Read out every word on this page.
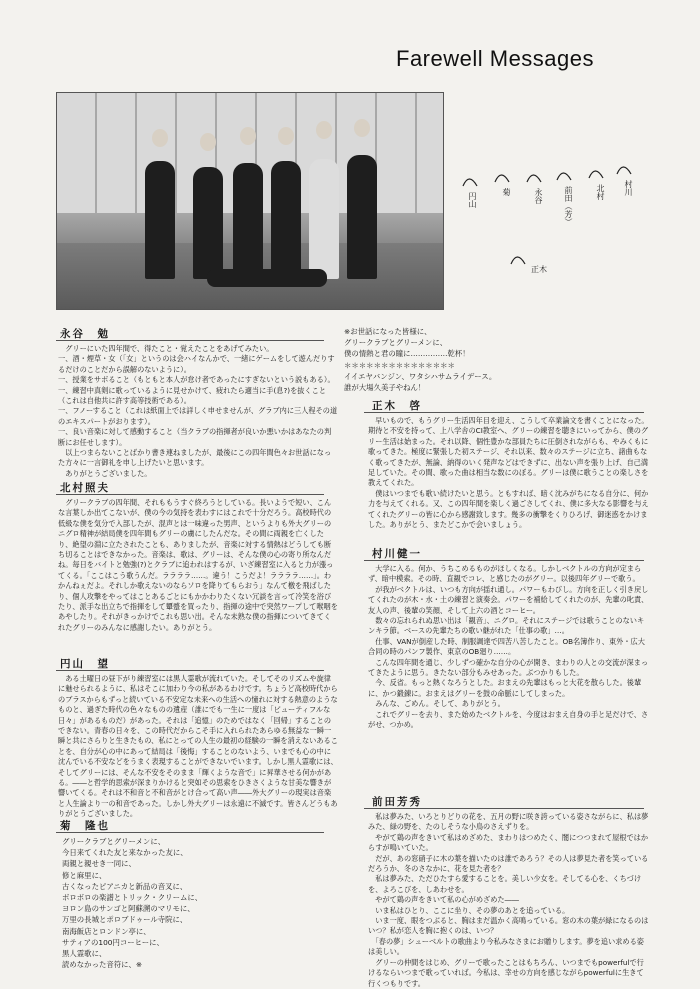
Farewell Messages
円山	菊	永谷	前田（芳）	北村 村川
正木
永谷　勉
　グリーにいた四年間で、得たこと・覚えたことをあげてみたい。
一、酒・煙草・女（「女」というのは会ハイなんかで、一緒にゲームをして遊んだりするだけのことだから誤解のないように）。
一、授業をサボること（もともと本人が怠け者であったにすぎないという説もある）。
一、練習中真剣に歌っているように見せかけて、疲れたら適当に手(息?)を抜くこと（これは自他共に許す高等技術である）。
一、フノーすること（これは紙面上では詳しく申せませんが、グラブ内に三人程その道のエキスパートがおります）。
一、良い音楽に対して感動すること（当クラブの指揮者が良いか悪いかはあなたの判断にお任せします）。
　以上つまらないことばかり書き連ねましたが、最後にこの四年間色々お世話になった方々に一言御礼を申し上げたいと思います。
　ありがとうございました。
北村照夫
　グリークラブの四年間、それももうすぐ終ろうとしている。長いようで短い、こんな言葉しか出てこないが、僕の今の気持を表わすにはこれで十分だろう。高校時代の低級な僕を気分で入部したが、混声とは一味違った男声、というよりも外大グリーのニグロ精神が結局僕を四年間もグリーの虜にしたんだな。その間に両親を亡くしたり、絶望の淵に立たされたことも、ありましたが、音楽に対する情熱はどうしても断ち切ることはできなかった。音楽は、歌は、グリーは、そんな僕の心の寄り所なんだね。毎日をバイトと勉強(?)とクラブに追われはするが、いざ練習室に入ると力が漲ってくる。「ここはこう歌うんだ。ララララ……。違う！こうだよ！ララララ……」。わかんねぇだよ。それしか歌えないのならソロを降りてもらおう」なんて檄を飛ばしたり、個人攻撃をやってはことあるごとにもかかわりたくない冗談を言って冷笑を浴びたり、派手な出立ちで指揮をして顰蹙を買ったり、指揮の途中で突然ワープして喉咽をあやしたり。それがきっかけでこれも思い出。そんな未熟な僕の指揮についてきてくれたグリーのみんなに感謝したい。ありがとう。
円山　望
　ある土曜日の昼下がり練習室には黒人霊歌が流れていた。そしてそのリズムや旋律に魅せられるように、私はそこに加わり今の私があるわけです。ちょうど高校時代からのブラスからもずっと続いている不安定な未来への生活への憧れに対する熱意のようなものと、過ぎた時代の色々なものの遺産（誰にでも一生に一度は「ビューティフルな日々」があるものだ）があった。それは「追憶」のためではなく「回帰」することのできない。青春の日々を、この時代だからこそ手に入れられたあらゆる無益な一瞬一瞬と共にさらりと生きたもの、私にとっての人生の最初の経験の一瞬を消えないあることを、自分が心の中にあって結局は「後悔」することのないよう、いまでも心の中に沈んでいる不安などをうまく表現することができないでいます。しかし黒人霊歌には、そしてグリーには、そんな不安をそのまま「輝くような音で」に昇華させる何かがある。――と哲学的思索が深まりかけると突如その思索をひきさくような甘美な響きが響いてくる。それは不和音と不和音がとけ合って高い声――外大グリーの現実は音楽と人生論より一の和音であった。しかし外大グリーは永遠に不滅です。皆さんどうもありがとうございました。
菊　隆也
グリークラブとグリーメンに、
今日来てくれた友と来なかった友に、
両親と親せき一同に、
修と麻里に、
古くなったピアニカと新品の音叉に、
ボロボロの楽譜とトリック・クリームに、
ヨロン島のサンゴと阿蘇溯のマリモに、
万里の長城とポロブドゥール寺院に、
南海飯店とロンドン亭に、
サティアの100円コーヒーに、
黒人霊歌に、
読めなかった音符に、※
※お世話になった皆様に、
グリークラブとグリーメンに、
僕の情熱と君の瞳に……………乾杯！
＊＊＊＊＊＊＊＊＊＊＊＊＊＊＊
イイエヤバンジン、ワタシハサムライデース。
誰が大場久美子やねん！
正木　啓
　早いもので、もうグリー生活四年目を迎え、こうして卒業論文を書くことになった。期待と不安を持って、上八学舎のCI教室へ、グリーの練習を聴きにいってから、僕のグリー生活は始まった。それ以降、個性豊かな部員たちに圧倒されながらも、やみくもに歌ってきた。極度に緊張した初ステージ、それ以来、数々のステージに立ち、諸曲もなく歌ってきたが、無論、納得のいく発声などはできずに、出ない声を張り上げ、自己満足していた。その間、歌った曲は相当な数にのぼる。グリーは僕に歌うことの楽しさを教えてくれた。
　僕はいつまでも歌い続けたいと思う。ともすれば、暗く沈みがちになる自分に、何か力を与えてくれる。又、この四年間を楽しく過ごさしてくれ、僕に多大なる影響を与えてくれたグリーの皆に心から感謝致します。幾多の衝撃をくりひろげ、御迷惑をかけました。ありがとう、またどこかで会いましょう。
村川健一
　大学に入る。何か、うちこめるものがほしくなる。しかしベクトルの方向が定まらず、暗中模索。その時、直観でコレ、と感じたのがグリー。以後四年グリーで歌う。
　が我がベクトルは、いつも方向が揺れ通し。パワーもわびし。方向を正しく引き戻してくれたのが木・水・土の練習と演奏会。パワーを補給してくれたのが、先輩の叱責、友人の声、後輩の笑顔、そして上六の酒とコーヒー。
　数々の忘れられぬ思い出は「観音」、ニグロ。それにステージでは歌うことのないキンキラ節。ベースの先輩たちの歌い継がれた「仕事の歌」…。
　仕事、VANが倒産した時、制服調達で四苦八苦したこと。OB名簿作り、東外・広大合同の時のパンフ製作、東京のOB廻り……。
　こんな四年間を通じ、少しずつ確かな自分の心が開き、まわりの人との交流が深まってきたように思う。きたない部分もみせあった。ぶつかりもした。
　今、反省。もっと熱くなろうとした。おまえの先輩はもっと大花を散らした。後輩に、かつ鍛錬に。おまえはグリーを鼓の命脈にしてしまった。
　みんな、ごめん。そして、ありがとう。
　これでグリーを去り、また始めたベクトルを、今度はおまえ自身の手と足だけで、さがせ、つかめ。
前田芳秀
　私は夢みた、いろとりどりの花を、五月の野に咲き誇っている姿さながらに、私は夢みた、緑の野を、たのしそうな小鳥のさえずりを。
　やがて鶏の声をきいて私はめざめた、まわりはつめたく、闇につつまれて屋根ではからすが鳴いていた。
　だが、あの窓硝子に木の葉を描いたのは誰であろう？その人は夢見た者を笑っているだろうか、冬のさなかに、花を見た者を？
　私は夢みた、ただひたすら愛することを。美しい少女を。そしてる心を、くちづけを、よろこびを、しあわせを。
　やがて鶏の声をきいて私の心がめざめた――
　いま私はひとり、ここに坐り、その夢のあとを追っている。
　いま一度、眼をつぶると、胸はまだ温かく高鳴っている。窓の木の葉が緑になるのはいつ？私が恋人を胸に抱くのは、いつ？
　「春の夢」シューベルトの歌曲より今私みなさまにお贈りします。夢を追い求める姿は美しい。
　グリーの仲間をはじめ、グリーで歌ったことはもちろん、いつまでもpowerfulで行けるならいつまで歌っていれば。今私は、幸せの方向を感じながらpowerfulに生きて行くつもりです。
